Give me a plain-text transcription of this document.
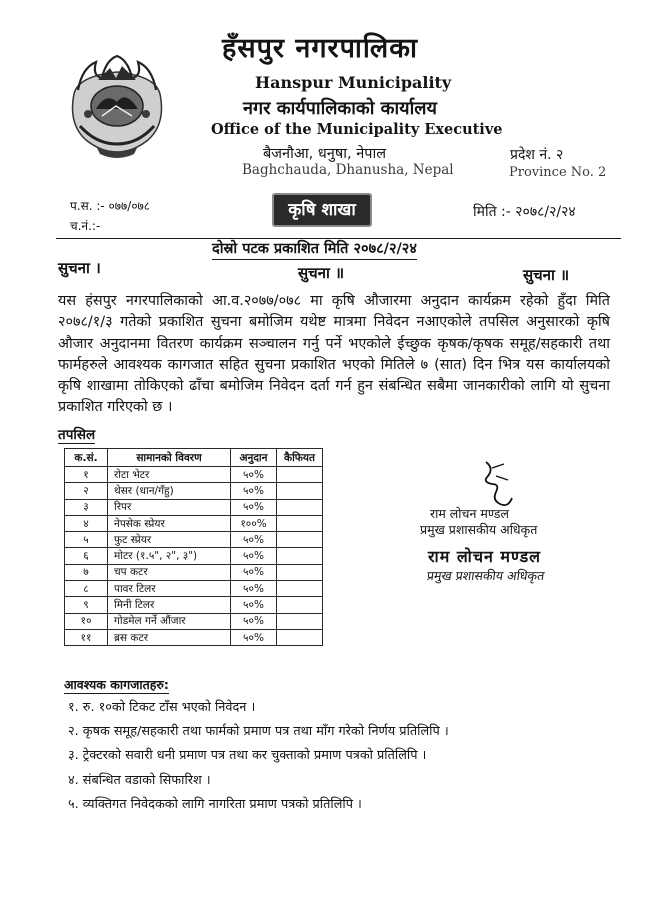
हँसपुर नगरपालिका
Hanspur Municipality
नगर कार्यपालिकाको कार्यालय
Office of the Municipality Executive
बैजनौआ, धनुषा, नेपाल
Baghchauda, Dhanusha, Nepal
प्रदेश नं. २
Province No. 2
प.स. :- ०७७/०७८
च.नं.:-
कृषि शाखा	मिति :- २०७८/२/२४
दोस्रो पटक प्रकाशित मिति २०७८/२/२४
सुचना ।	सुचना ॥	सुचना ॥
यस हंसपुर नगरपालिकाको आ.व.२०७७/०७८ मा कृषि औजारमा अनुदान कार्यक्रम रहेको हुँदा मिति २०७८/१/३ गतेको प्रकाशित सुचना बमोजिम यथेष्ट मात्रमा निवेदन नआएकोले तपसिल अनुसारको कृषि औजार अनुदानमा वितरण कार्यक्रम सञ्चालन गर्नु पर्ने भएकोले ईच्छुक कृषक/कृषक समूह/सहकारी तथा फार्महरुले आवश्यक कागजात सहित सुचना प्रकाशित भएको मितिले ७ (सात) दिन भित्र यस कार्यालयको कृषि शाखामा तोकिएको ढाँचा बमोजिम निवेदन दर्ता गर्न हुन संबन्धित सबैमा जानकारीको लागि यो सुचना प्रकाशित गरिएको छ ।
तपसिल
क.सं.	सामानको विवरण	अनुदान	कैफियत
१	रोटा भेटर	५०%	
२	थेसर (धान/गँहु)	५०%	
३	रिपर	५०%	
४	नेपसेक स्प्रेयर	१००%	
५	फुट स्प्रेयर	५०%	
६	मोटर (१.५", २", ३")	५०%	
७	चप कटर	५०%	
८	पावर टिलर	५०%	
९	मिनी टिलर	५०%	
१०	गोडमेल गर्ने औंजार	५०%	
११	ब्रस कटर	५०%	
राम लोचन मण्डल
प्रमुख प्रशासकीय अधिकृत
राम लोचन मण्डल
प्रमुख प्रशासकीय अधिकृत
आवश्यक कागजातहरु:
१. रु. १०को टिकट टाँस भएको निवेदन ।
२. कृषक समूह/सहकारी तथा फार्मको प्रमाण पत्र तथा माँग गरेको निर्णय प्रतिलिपि ।
३. ट्रेक्टरको सवारी धनी प्रमाण पत्र तथा कर चुक्ताको प्रमाण पत्रको प्रतिलिपि ।
४. संबन्धित वडाको सिफारिश ।
५. व्यक्तिगत निवेदकको लागि नागरिता प्रमाण पत्रको प्रतिलिपि ।
